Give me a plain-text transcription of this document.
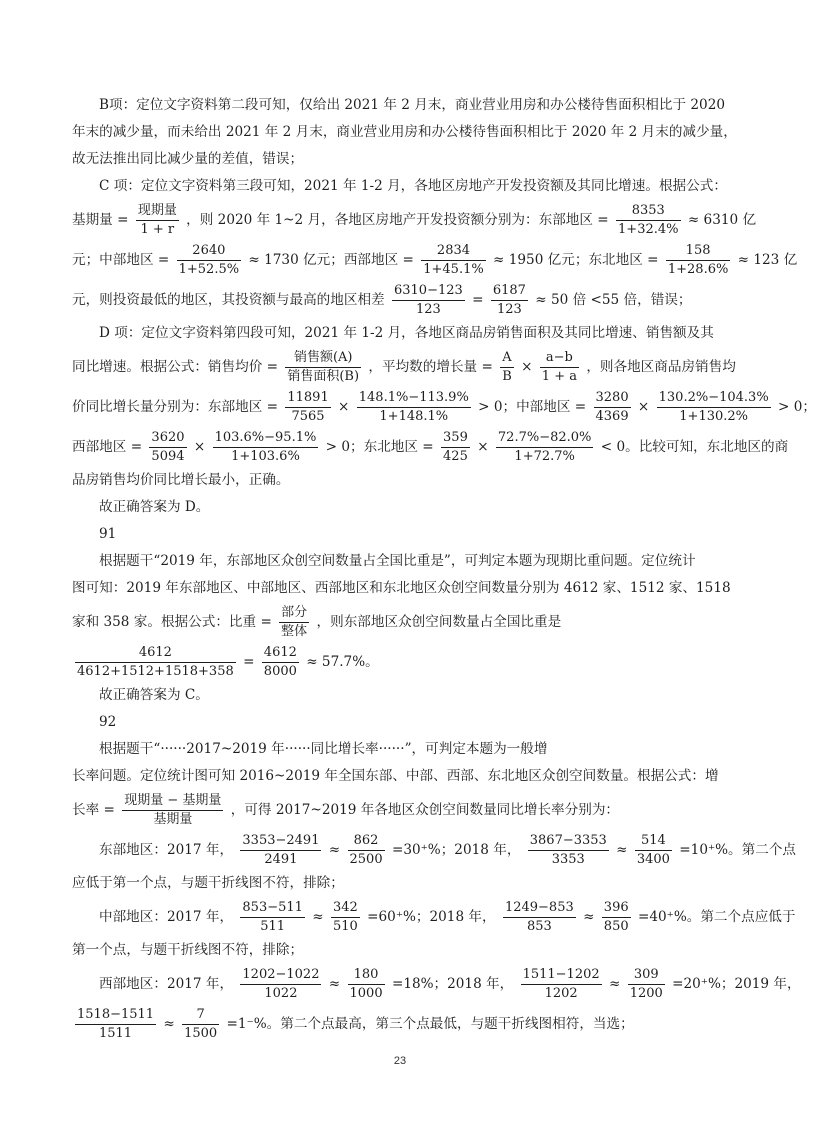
B项：定位文字资料第二段可知，仅给出 2021 年 2 月末，商业营业用房和办公楼待售面积相比于 2020

年末的减少量，而未给出 2021 年 2 月末，商业营业用房和办公楼待售面积相比于 2020 年 2 月末的减少量，

故无法推出同比减少量的差值，错误；

C 项：定位文字资料第三段可知，2021 年 1-2 月，各地区房地产开发投资额及其同比增速。根据公式：

基期量 = $\frac{\text{现期量}}{1 + r}$ ，则 2020 年 1~2 月，各地区房地产开发投资额分别为：东部地区 = $\frac{8353}{1+32.4\%} \approx 6310$ 亿

元；中部地区 = $\frac{2640}{1+52.5\%} \approx 1730$ 亿元；西部地区 = $\frac{2834}{1+45.1\%} \approx 1950$ 亿元；东北地区 = $\frac{158}{1+28.6\%} \approx 123$ 亿

元，则投资最低的地区，其投资额与最高的地区相差 $\frac{6310-123}{123} = \frac{6187}{123} \approx 50$ 倍 <55 倍，错误；

D 项：定位文字资料第四段可知，2021 年 1-2 月，各地区商品房销售面积及其同比增速、销售额及其

同比增速。根据公式：销售均价 = $\frac{\text{销售额(A)}}{\text{销售面积(B)}}$ ，平均数的增长量 = $\frac{A}{B} \times \frac{a-b}{1 + a}$ ，则各地区商品房销售均

价同比增长量分别为：东部地区 = $\frac{11891}{7565} \times \frac{148.1\%-113.9\%}{1+148.1\%} > 0$；中部地区 = $\frac{3280}{4369} \times \frac{130.2\%-104.3\%}{1+130.2\%} > 0$；

西部地区 = $\frac{3620}{5094} \times \frac{103.6\%-95.1\%}{1+103.6\%} > 0$；东北地区 = $\frac{359}{425} \times \frac{72.7\%-82.0\%}{1+72.7\%} < 0$。比较可知，东北地区的商

品房销售均价同比增长最小，正确。

故正确答案为 D。

91

根据题干“2019 年，东部地区众创空间数量占全国比重是”，可判定本题为现期比重问题。定位统计

图可知：2019 年东部地区、中部地区、西部地区和东北地区众创空间数量分别为 4612 家、1512 家、1518

家和 358 家。根据公式：比重 = $\frac{\text{部分}}{\text{整体}}$ ，则东部地区众创空间数量占全国比重是

$\frac{4612}{4612+1512+1518+358} = \frac{4612}{8000} \approx 57.7\%$。

故正确答案为 C。

92

根据题干“······2017~2019 年······同比增长率······”，可判定本题为一般增

长率问题。定位统计图可知 2016~2019 年全国东部、中部、西部、东北地区众创空间数量。根据公式：增

长率 = $\frac{\text{现期量 − 基期量}}{\text{基期量}}$ ，可得 2017~2019 年各地区众创空间数量同比增长率分别为：

东部地区：2017 年， $\frac{3353-2491}{2491} \approx \frac{862}{2500} =30^+\%$；2018 年， $\frac{3867-3353}{3353} \approx \frac{514}{3400} =10^+\%$。第二个点

应低于第一个点，与题干折线图不符，排除；

中部地区：2017 年， $\frac{853-511}{511} \approx \frac{342}{510} =60^+\%$；2018 年， $\frac{1249-853}{853} \approx \frac{396}{850} =40^+\%$。第二个点应低于

第一个点，与题干折线图不符，排除；

西部地区：2017 年， $\frac{1202-1022}{1022} \approx \frac{180}{1000} =18\%$；2018 年， $\frac{1511-1202}{1202} \approx \frac{309}{1200} =20^+\%$；2019 年，

$\frac{1518-1511}{1511} \approx \frac{7}{1500} =1^-\%$。第二个点最高，第三个点最低，与题干折线图相符，当选；

23
